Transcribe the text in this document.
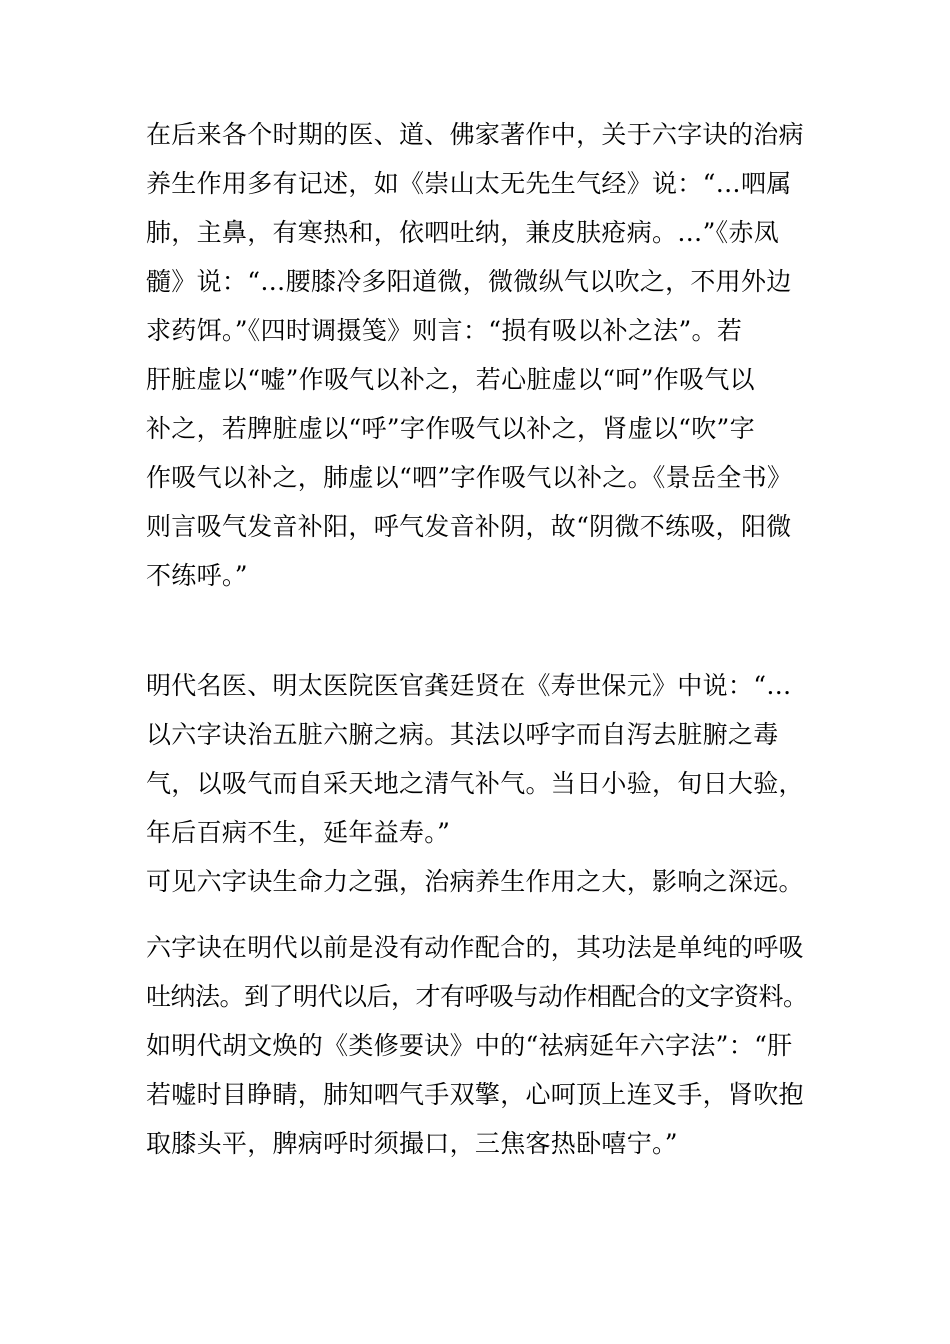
在后来各个时期的医、道、佛家著作中，关于六字诀的治病
养生作用多有记述，如《崇山太无先生气经》说：“…呬属
肺，主鼻，有寒热和，依呬吐纳，兼皮肤疮病。…”《赤凤
髓》说：“…腰膝冷多阳道微，微微纵气以吹之，不用外边
求药饵。”《四时调摄笺》则言：“损有吸以补之法”。若
肝脏虚以“嘘”作吸气以补之，若心脏虚以“呵”作吸气以
补之，若脾脏虚以“呼”字作吸气以补之，肾虚以“吹”字
作吸气以补之，肺虚以“呬”字作吸气以补之。《景岳全书》
则言吸气发音补阳，呼气发音补阴，故“阴微不练吸，阳微
不练呼。”
明代名医、明太医院医官龚廷贤在《寿世保元》中说：“…
以六字诀治五脏六腑之病。其法以呼字而自泻去脏腑之毒
气，以吸气而自采天地之清气补气。当日小验，旬日大验，
年后百病不生，延年益寿。”
可见六字诀生命力之强，治病养生作用之大，影响之深远。
六字诀在明代以前是没有动作配合的，其功法是单纯的呼吸
吐纳法。到了明代以后，才有呼吸与动作相配合的文字资料。
如明代胡文焕的《类修要诀》中的“祛病延年六字法”：“肝
若嘘时目睁睛，肺知呬气手双擎，心呵顶上连叉手，肾吹抱
取膝头平，脾病呼时须撮口，三焦客热卧嘻宁。”
